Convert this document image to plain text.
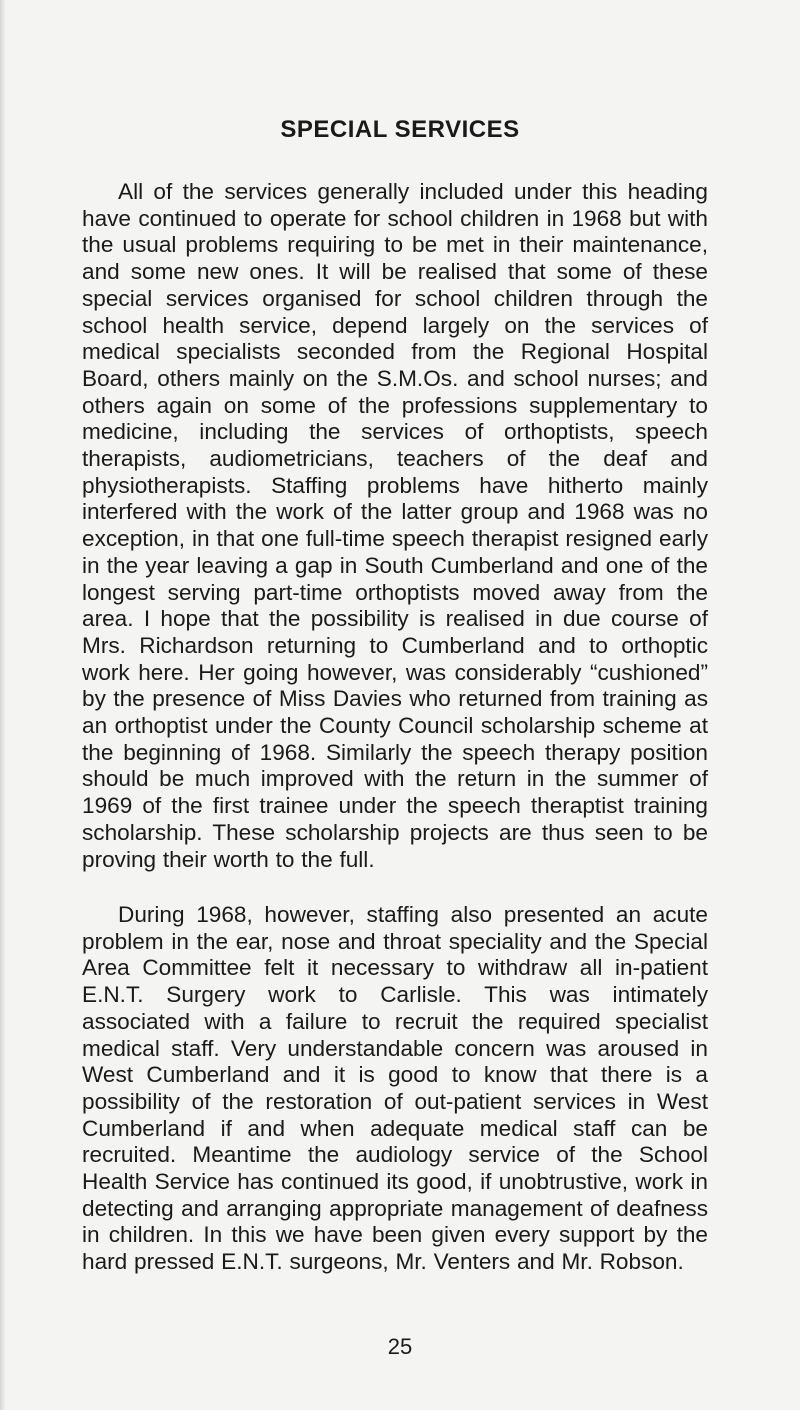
SPECIAL SERVICES

All of the services generally included under this heading have continued to operate for school children in 1968 but with the usual problems requiring to be met in their maintenance, and some new ones. It will be realised that some of these special services organised for school children through the school health service, depend largely on the services of medical specialists seconded from the Regional Hospital Board, others mainly on the S.M.Os. and school nurses; and others again on some of the professions supplementary to medicine, including the services of orthoptists, speech therapists, audiometricians, teachers of the deaf and physiotherapists. Staffing problems have hitherto mainly interfered with the work of the latter group and 1968 was no exception, in that one full-time speech therapist resigned early in the year leaving a gap in South Cumberland and one of the longest serving part-time orthoptists moved away from the area. I hope that the possibility is realised in due course of Mrs. Richardson returning to Cumberland and to orthoptic work here. Her going however, was considerably “cushioned” by the presence of Miss Davies who returned from training as an orthoptist under the County Council scholarship scheme at the beginning of 1968. Similarly the speech therapy position should be much improved with the return in the summer of 1969 of the first trainee under the speech theraptist training scholarship. These scholarship projects are thus seen to be proving their worth to the full.

During 1968, however, staffing also presented an acute problem in the ear, nose and throat speciality and the Special Area Committee felt it necessary to withdraw all in-patient E.N.T. Surgery work to Carlisle. This was intimately associated with a failure to recruit the required specialist medical staff. Very understandable concern was aroused in West Cumberland and it is good to know that there is a possibility of the restoration of out-patient services in West Cumberland if and when adequate medical staff can be recruited. Meantime the audiology service of the School Health Service has continued its good, if unobtrustive, work in detecting and arranging appropriate management of deafness in children. In this we have been given every support by the hard pressed E.N.T. surgeons, Mr. Venters and Mr. Robson.

25
